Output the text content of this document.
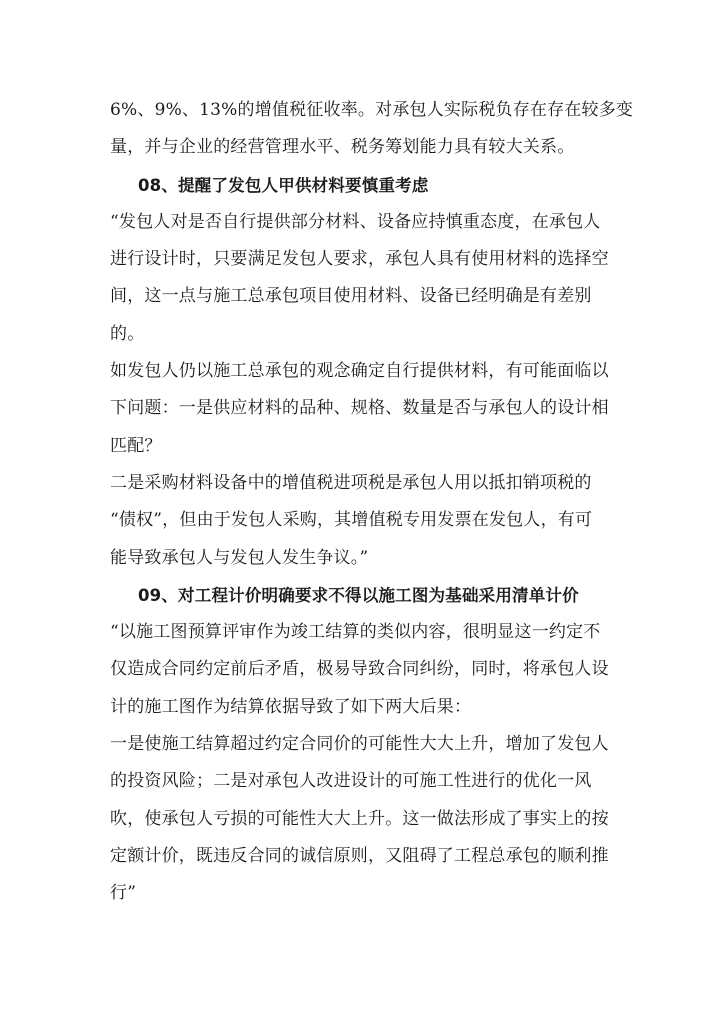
6%、9%、13%的增值税征收率。对承包人实际税负存在存在较多变
量，并与企业的经营管理水平、税务筹划能力具有较大关系。
08、提醒了发包人甲供材料要慎重考虑
“发包人对是否自行提供部分材料、设备应持慎重态度，在承包人
进行设计时，只要满足发包人要求，承包人具有使用材料的选择空
间，这一点与施工总承包项目使用材料、设备已经明确是有差别
的。
如发包人仍以施工总承包的观念确定自行提供材料，有可能面临以
下问题：一是供应材料的品种、规格、数量是否与承包人的设计相
匹配？
二是采购材料设备中的增值税进项税是承包人用以抵扣销项税的
“债权”，但由于发包人采购，其增值税专用发票在发包人，有可
能导致承包人与发包人发生争议。”
09、对工程计价明确要求不得以施工图为基础采用清单计价
“以施工图预算评审作为竣工结算的类似内容，很明显这一约定不
仅造成合同约定前后矛盾，极易导致合同纠纷，同时，将承包人设
计的施工图作为结算依据导致了如下两大后果：
一是使施工结算超过约定合同价的可能性大大上升，增加了发包人
的投资风险；二是对承包人改进设计的可施工性进行的优化一风
吹，使承包人亏损的可能性大大上升。这一做法形成了事实上的按
定额计价，既违反合同的诚信原则，又阻碍了工程总承包的顺利推
行”
